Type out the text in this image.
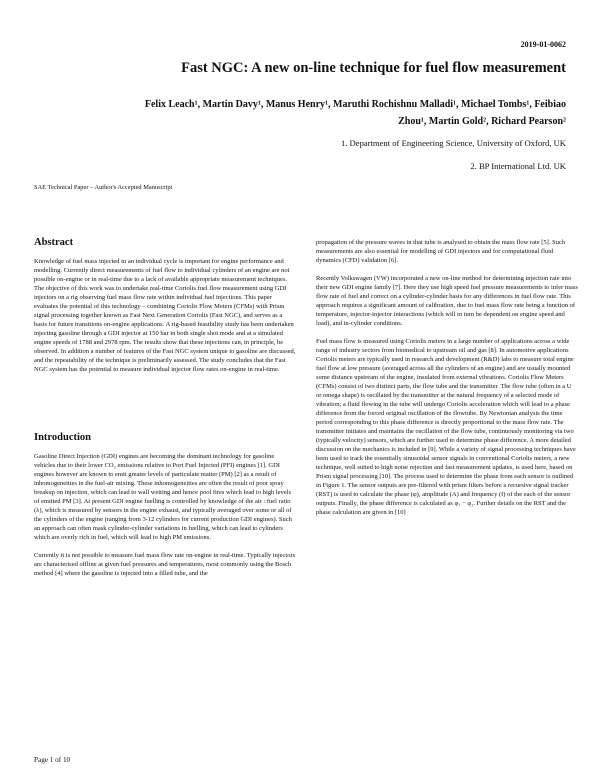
2019-01-0062
Fast NGC: A new on-line technique for fuel flow measurement
Felix Leach¹, Martin Davy¹, Manus Henry¹, Maruthi Rochishnu Malladi¹, Michael Tombs¹, Feibiao
Zhou¹, Martin Gold², Richard Pearson²
1. Department of Engineering Science, University of Oxford, UK
2. BP International Ltd. UK
SAE Technical Paper – Author's Accepted Manuscript
Abstract

Knowledge of fuel mass injected in an individual cycle is important for engine performance and modelling. Currently direct measurements of fuel flow to individual cylinders of an engine are not possible on-engine or in real-time due to a lack of available appropriate measurement techniques. The objective of this work was to undertake real-time Coriolis fuel flow measurement using GDI injectors on a rig observing fuel mass flow rate within individual fuel injections. This paper evaluates the potential of this technology – combining Coriolis Flow Meters (CFMs) with Prism signal processing together known as Fast Next Generation Coriolis (Fast NGC), and serves as a basis for future transitions on-engine applications. A rig-based feasibility study has been undertaken injecting gasoline through a GDI injector at 150 bar in both single shot mode and at a simulated engine speeds of 1788 and 2978 rpm. The results show that these injections can, in principle, be observed. In addition a number of features of the Fast NGC system unique to gasoline are discussed, and the repeatability of the technique is preliminarily assessed. The study concludes that the Fast NGC system has the potential to measure individual injector flow rates on-engine in real-time.

Introduction

Gasoline Direct Injection (GDI) engines are becoming the dominant technology for gasoline vehicles due to their lower CO₂ emissions relative to Port Fuel Injected (PFI) engines [1]. GDI engines however are known to emit greater levels of particulate matter (PM) [2] as a result of inhomogeneities in the fuel-air mixing. These inhomogeneities are often the result of poor spray breakup on injection, which can lead to wall wetting and hence pool fires which lead to high levels of emitted PM [3]. At present GDI engine fuelling is controlled by knowledge of the air : fuel ratio (λ), which is measured by sensors in the engine exhaust, and typically averaged over some or all of the cylinders of the engine (ranging from 3-12 cylinders for current production GDI engines). Such an approach can often mask cylinder-cylinder variations in fuelling, which can lead to cylinders which are overly rich in fuel, which will lead to high PM emissions.

Currently it is not possible to measure fuel mass flow rate on-engine in real-time. Typically injectors are characterised offline at given fuel pressures and temperatures, most commonly using the Bosch method [4] where the gasoline is injected into a filled tube, and the

propagation of the pressure waves in that tube is analysed to obtain the mass flow rate [5]. Such measurements are also essential for modelling of GDI injectors and for computational fluid dynamics (CFD) validation [6].

Recently Volkswagen (VW) incorporated a new on-line method for determining injection rate into their new GDI engine family [7]. Here they use high speed fuel pressure measurements to infer mass flow rate of fuel and correct on a cylinder-cylinder basis for any differences in fuel flow rate. This approach requires a significant amount of calibration, due to fuel mass flow rate being a function of temperature, injector-injector interactions (which will in turn be dependent on engine speed and load), and in-cylinder conditions.

Fuel mass flow is measured using Coriolis meters in a large number of applications across a wide range of industry sectors from biomedical to upstream oil and gas [8]. In automotive applications Coriolis meters are typically used in research and development (R&D) labs to measure total engine fuel flow at low pressure (averaged across all the cylinders of an engine) and are usually mounted some distance upstream of the engine, insulated from external vibrations. Coriolis Flow Meters (CFMs) consist of two distinct parts, the flow tube and the transmitter. The flow tube (often in a U or omega shape) is oscillated by the transmitter at the natural frequency of a selected mode of vibration; a fluid flowing in the tube will undergo Coriolis acceleration which will lead to a phase difference from the forced original oscillation of the flowtube. By Newtonian analysis the time period corresponding to this phase difference is directly proportional to the mass flow rate. The transmitter initiates and maintains the oscillation of the flow tube, continuously monitoring via two (typically velocity) sensors, which are further used to determine phase difference. A more detailed discussion on the mechanics is included in [9]. While a variety of signal processing techniques have been used to track the essentially sinusoidal sensor signals in conventional Coriolis meters, a new technique, well suited to high noise rejection and fast measurement updates, is used here, based on Prism signal processing [10]. The process used to determine the phase from each sensor is outlined in Figure 1. The sensor outputs are pre-filtered with prism filters before a recursive signal tracker (RST) is used to calculate the phase (φ), amplitude (A) and frequency (f) of the each of the sensor outputs. Finally, the phase difference is calculated as φ₁ − φ₂. Further details on the RST and the phase calculation are given in [10]

Page 1 of 10
